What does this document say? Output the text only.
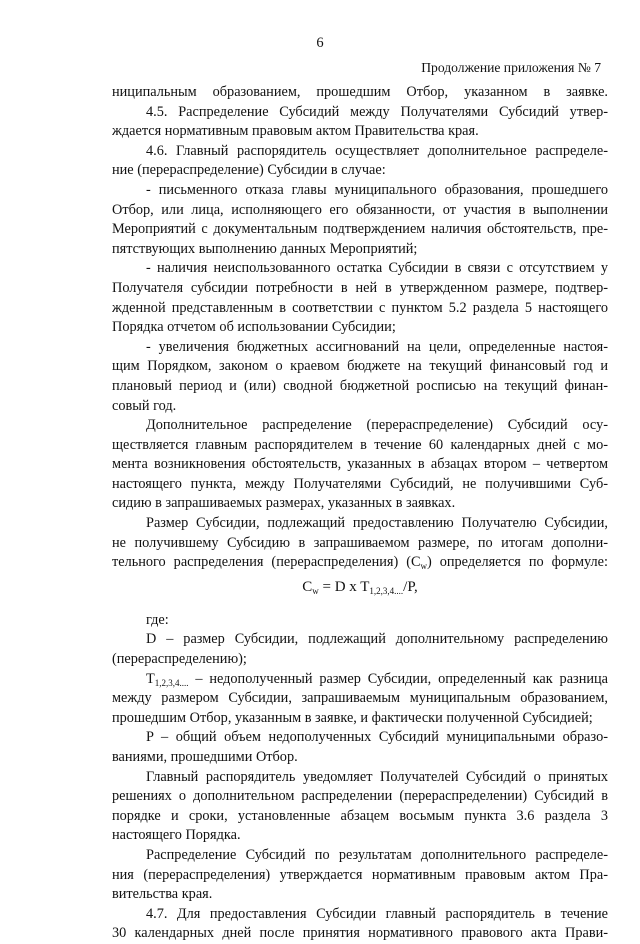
6
Продолжение приложения № 7
ниципальным образованием, прошедшим Отбор, указанном в заявке.
4.5. Распределение Субсидий между Получателями Субсидий утвер-
ждается нормативным правовым актом Правительства края.
4.6. Главный распорядитель осуществляет дополнительное распределе-
ние (перераспределение) Субсидии в случае:
- письменного отказа главы муниципального образования, прошедшего
Отбор, или лица, исполняющего его обязанности, от участия в выполнении
Мероприятий с документальным подтверждением наличия обстоятельств, пре-
пятствующих выполнению данных Мероприятий;
- наличия неиспользованного остатка Субсидии в связи с отсутствием у
Получателя субсидии потребности в ней в утвержденном размере, подтвер-
жденной представленным в соответствии с пунктом 5.2 раздела 5 настоящего
Порядка отчетом об использовании Субсидии;
- увеличения бюджетных ассигнований на цели, определенные настоя-
щим Порядком, законом о краевом бюджете на текущий финансовый год и
плановый период и (или) сводной бюджетной росписью на текущий финан-
совый год.
Дополнительное распределение (перераспределение) Субсидий осу-
ществляется главным распорядителем в течение 60 календарных дней с мо-
мента возникновения обстоятельств, указанных в абзацах втором – четвертом
настоящего пункта, между Получателями Субсидий, не получившими Суб-
сидию в запрашиваемых размерах, указанных в заявках.
Размер Субсидии, подлежащий предоставлению Получателю Субсидии,
не получившему Субсидию в запрашиваемом размере, по итогам дополни-
тельного распределения (перераспределения) $(C_w)$ определяется по формуле:
$C_w = D$ x $T_{1,2,3,4....}/P$,
где:
D – размер Субсидии, подлежащий дополнительному распределению
(перераспределению);
$T_{1,2,3,4....}$ – недополученный размер Субсидии, определенный как разница
между размером Субсидии, запрашиваемым муниципальным образованием,
прошедшим Отбор, указанным в заявке, и фактически полученной Субсидией;
P – общий объем недополученных Субсидий муниципальными образо-
ваниями, прошедшими Отбор.
Главный распорядитель уведомляет Получателей Субсидий о принятых
решениях о дополнительном распределении (перераспределении) Субсидий в
порядке и сроки, установленные абзацем восьмым пункта 3.6 раздела 3
настоящего Порядка.
Распределение Субсидий по результатам дополнительного распределе-
ния (перераспределения) утверждается нормативным правовым актом Пра-
вительства края.
4.7. Для предоставления Субсидии главный распорядитель в течение
30 календарных дней после принятия нормативного правового акта Прави-
